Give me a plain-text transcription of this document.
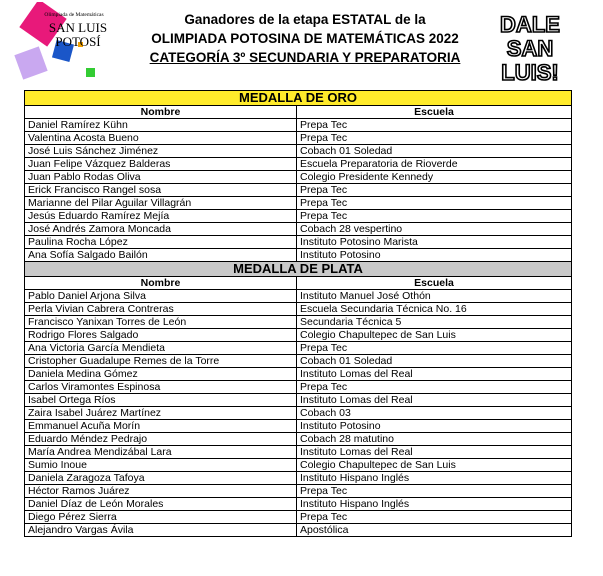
Olimpiada de Matemáticas
SAN LUIS
POTOSÍ
Ganadores de la etapa ESTATAL de la
OLIMPIADA POTOSINA DE MATEMÁTICAS 2022
CATEGORÍA 3º SECUNDARIA Y PREPARATORIA
DALE
SAN
LUIS!
MEDALLA DE ORO	
Nombre	Escuela
Daniel Ramírez Kühn	Prepa Tec
Valentina Acosta Bueno	Prepa Tec
José Luis Sánchez Jiménez	Cobach 01 Soledad
Juan Felipe Vázquez Balderas	Escuela Preparatoria de Rioverde
Juan Pablo Rodas Oliva	Colegio Presidente Kennedy
Erick Francisco Rangel sosa	Prepa Tec
Marianne del Pilar Aguilar Villagrán	Prepa Tec
Jesús Eduardo Ramírez Mejía	Prepa Tec
José Andrés Zamora Moncada	Cobach 28 vespertino
Paulina Rocha López	Instituto Potosino Marista
Ana Sofía Salgado Bailón	Instituto Potosino
MEDALLA DE PLATA	
Nombre	Escuela
Pablo Daniel Arjona Silva	Instituto Manuel José Othón
Perla Vivian Cabrera Contreras	Escuela Secundaria Técnica No. 16
Francisco Yanixan Torres de León	Secundaria Técnica 5
Rodrigo Flores Salgado	Colegio Chapultepec de San Luis
Ana Victoria García Mendieta	Prepa Tec
Cristopher Guadalupe Remes de la Torre	Cobach 01 Soledad
Daniela Medina Gómez	Instituto Lomas del Real
Carlos Viramontes Espinosa	Prepa Tec
Isabel Ortega Ríos	Instituto Lomas del Real
Zaira Isabel Juárez Martínez	Cobach 03
Emmanuel Acuña Morín	Instituto Potosino
Eduardo Méndez Pedrajo	Cobach 28 matutino
María Andrea Mendizábal Lara	Instituto Lomas del Real
Sumio Inoue	Colegio Chapultepec de San Luis
Daniela Zaragoza Tafoya	Instituto Hispano Inglés
Héctor Ramos Juárez	Prepa Tec
Daniel Díaz de León Morales	Instituto Hispano Inglés
Diego Pérez Sierra	Prepa Tec
Alejandro Vargas Ávila	Apostólica
